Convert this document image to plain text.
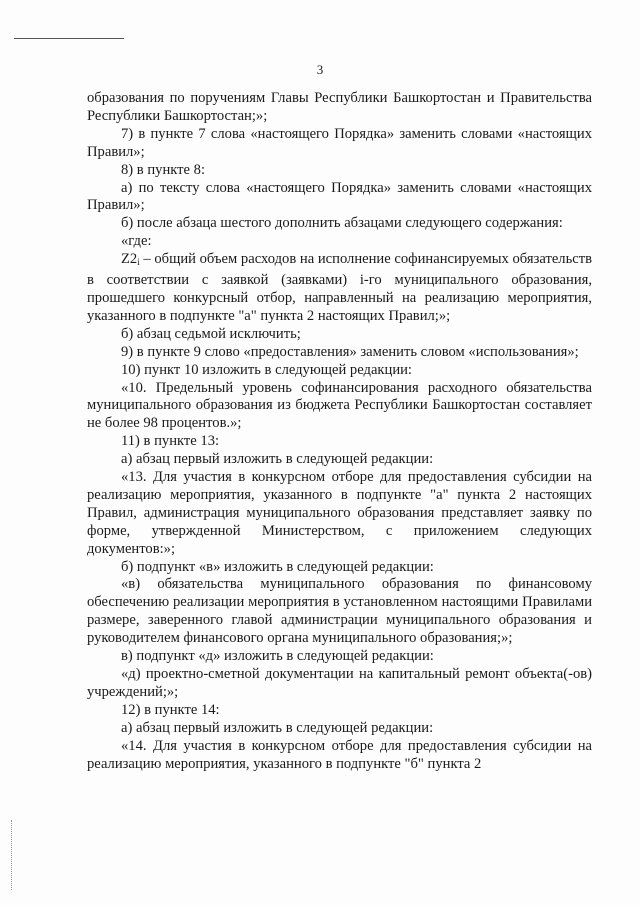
3

образования по поручениям Главы Республики Башкортостан и Правительства Республики Башкортостан;»;

7) в пункте 7 слова «настоящего Порядка» заменить словами «настоящих Правил»;

8) в пункте 8:

а) по тексту слова «настоящего Порядка» заменить словами «настоящих Правил»;

б) после абзаца шестого дополнить абзацами следующего содержания:

«где:

Z2i – общий объем расходов на исполнение софинансируемых обязательств в соответствии с заявкой (заявками) i-го муниципального образования, прошедшего конкурсный отбор, направленный на реализацию мероприятия, указанного в подпункте "а" пункта 2 настоящих Правил;»;

б) абзац седьмой исключить;

9) в пункте 9 слово «предоставления» заменить словом «использования»;

10) пункт 10 изложить в следующей редакции:

«10. Предельный уровень софинансирования расходного обязательства муниципального образования из бюджета Республики Башкортостан составляет не более 98 процентов.»;

11) в пункте 13:

а) абзац первый изложить в следующей редакции:

«13. Для участия в конкурсном отборе для предоставления субсидии на реализацию мероприятия, указанного в подпункте "а" пункта 2 настоящих Правил, администрация муниципального образования представляет заявку по форме, утвержденной Министерством, с приложением следующих документов:»;

б) подпункт «в» изложить в следующей редакции:

«в) обязательства муниципального образования по финансовому обеспечению реализации мероприятия в установленном настоящими Правилами размере, заверенного главой администрации муниципального образования и руководителем финансового органа муниципального образования;»;

в) подпункт «д» изложить в следующей редакции:

«д) проектно-сметной документации на капитальный ремонт объекта(-ов) учреждений;»;

12) в пункте 14:

а) абзац первый изложить в следующей редакции:

«14. Для участия в конкурсном отборе для предоставления субсидии на реализацию мероприятия, указанного в подпункте "б" пункта 2
